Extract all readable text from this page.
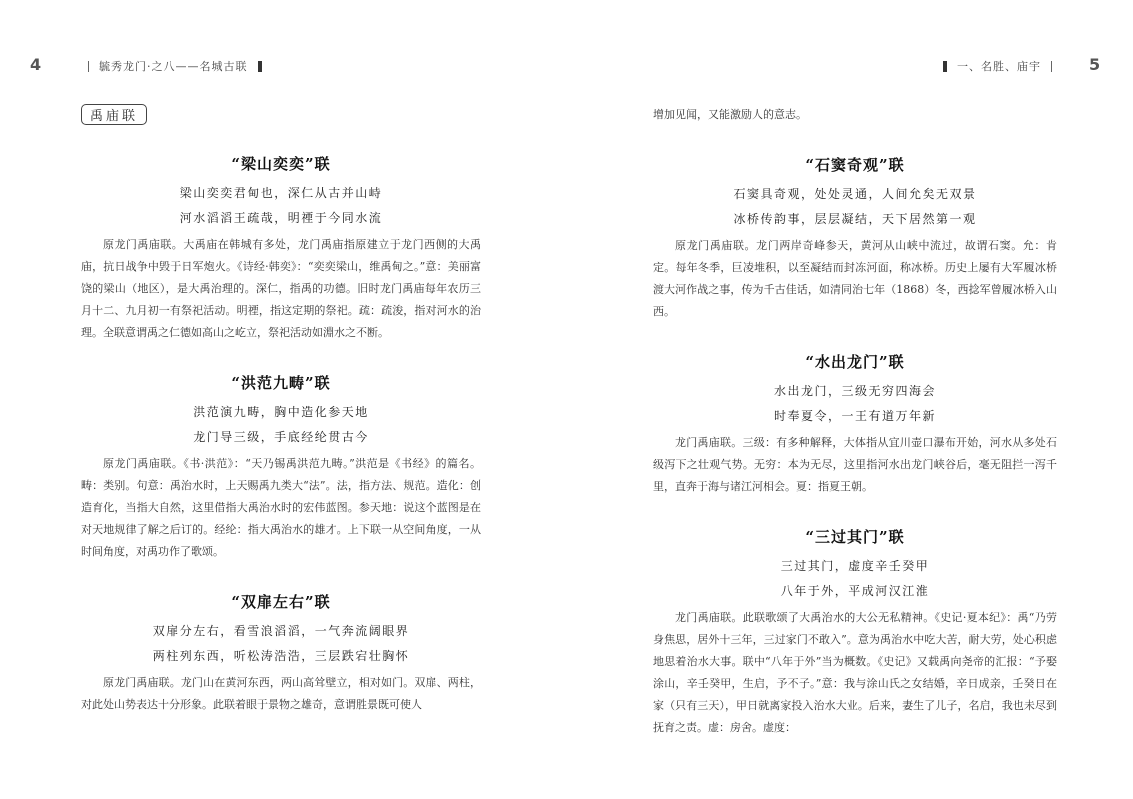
4	毓秀龙门·之八——名城古联
禹庙联
“梁山奕奕”联
梁山奕奕君甸也，深仁从古并山峙
河水滔滔王疏哉，明禋于今同水流

原龙门禹庙联。大禹庙在韩城有多处，龙门禹庙指原建立于龙门西侧的大禹庙，抗日战争中毁于日军炮火。《诗经·韩奕》：“奕奕梁山，维禹甸之。”意：美丽富饶的梁山（地区），是大禹治理的。深仁，指禹的功德。旧时龙门禹庙每年农历三月十二、九月初一有祭祀活动。明禋，指这定期的祭祀。疏：疏浚，指对河水的治理。全联意谓禹之仁德如高山之屹立，祭祀活动如淵水之不断。

“洪范九畴”联
洪范演九畴，胸中造化参天地
龙门导三级，手底经纶贯古今

原龙门禹庙联。《书·洪范》：“天乃锡禹洪范九畴。”洪范是《书经》的篇名。畴：类别。句意：禹治水时，上天赐禹九类大“法”。法，指方法、规范。造化：创造育化，当指大自然，这里借指大禹治水时的宏伟蓝图。参天地：说这个蓝图是在对天地规律了解之后订的。经纶：指大禹治水的雄才。上下联一从空间角度，一从时间角度，对禹功作了歌颂。

“双扉左右”联
双扉分左右，看雪浪滔滔，一气奔流阔眼界
两柱列东西，听松涛浩浩，三层跌宕壮胸怀

原龙门禹庙联。龙门山在黄河东西，两山高耸壁立，相对如门。双扉、两柱，对此处山势表达十分形象。此联着眼于景物之雄奇，意谓胜景既可使人

一、名胜、庙宇	5

增加见闻，又能激励人的意志。

“石窦奇观”联
石窦具奇观，处处灵通，人间允矣无双景
冰桥传韵事，层层凝结，天下居然第一观

原龙门禹庙联。龙门两岸奇峰参天，黄河从山峡中流过，故谓石窦。允：肯定。每年冬季，巨凌堆积，以至凝结而封冻河面，称冰桥。历史上屡有大军履冰桥渡大河作战之事，传为千古佳话，如清同治七年（1868）冬，西捻军曾履冰桥入山西。

“水出龙门”联
水出龙门，三级无穷四海会
时奉夏令，一王有道万年新

龙门禹庙联。三级：有多种解释，大体指从宜川壶口瀑布开始，河水从多处石级泻下之壮观气势。无穷：本为无尽，这里指河水出龙门峡谷后，毫无阻拦一泻千里，直奔于海与诸江河相会。夏：指夏王朝。

“三过其门”联
三过其门，虚度辛壬癸甲
八年于外，平成河汉江淮

龙门禹庙联。此联歌颂了大禹治水的大公无私精神。《史记·夏本纪》：禹“乃劳身焦思，居外十三年，三过家门不敢入”。意为禹治水中吃大苦，耐大劳，处心积虑地思着治水大事。联中“八年于外”当为概数。《史记》又载禹向尧帝的汇报：“予娶涂山，辛壬癸甲，生启，予不子。”意：我与涂山氏之女结婚，辛日成亲，壬癸日在家（只有三天），甲日就离家投入治水大业。后来，妻生了儿子，名启，我也未尽到抚育之责。虚：房舍。虚度：
